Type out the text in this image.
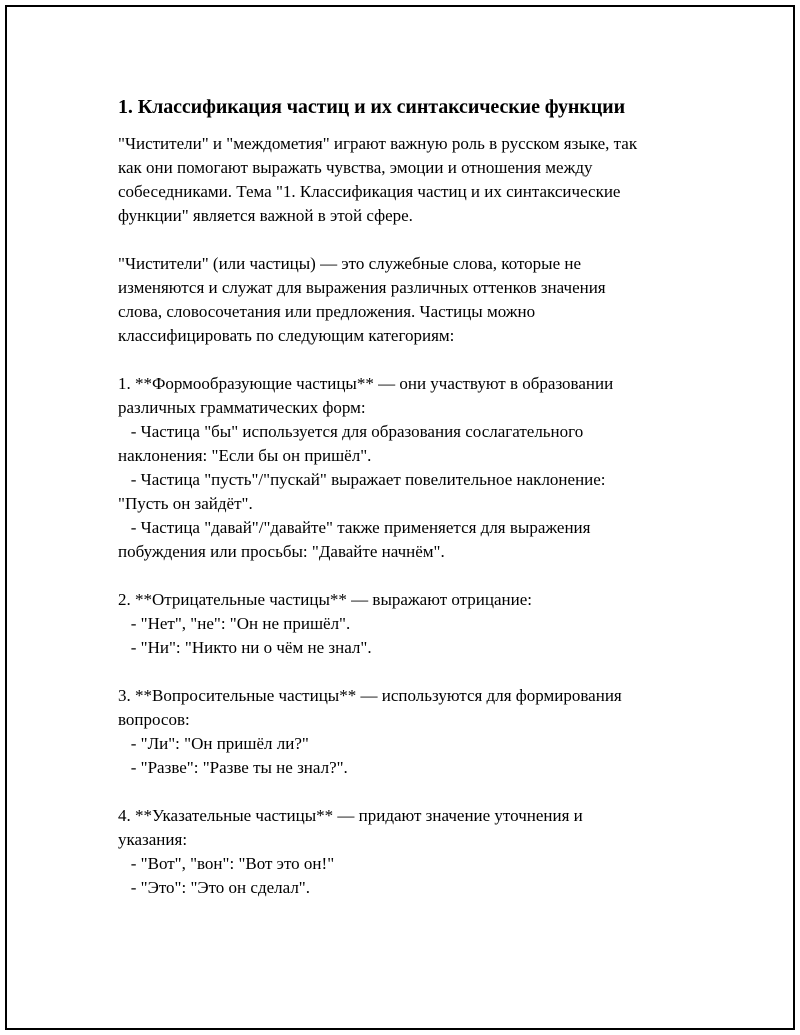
1. Классификация частиц и их синтаксические функции
"Чистители" и "междометия" играют важную роль в русском языке, так
как они помогают выражать чувства, эмоции и отношения между
собеседниками. Тема "1. Классификация частиц и их синтаксические
функции" является важной в этой сфере.
"Чистители" (или частицы) — это служебные слова, которые не
изменяются и служат для выражения различных оттенков значения
слова, словосочетания или предложения. Частицы можно
классифицировать по следующим категориям:
1. **Формообразующие частицы** — они участвуют в образовании
различных грамматических форм:
- Частица "бы" используется для образования сослагательного
наклонения: "Если бы он пришёл".
- Частица "пусть"/"пускай" выражает повелительное наклонение:
"Пусть он зайдёт".
- Частица "давай"/"давайте" также применяется для выражения
побуждения или просьбы: "Давайте начнём".
2. **Отрицательные частицы** — выражают отрицание:
- "Нет", "не": "Он не пришёл".
- "Ни": "Никто ни о чём не знал".
3. **Вопросительные частицы** — используются для формирования
вопросов:
- "Ли": "Он пришёл ли?"
- "Разве": "Разве ты не знал?".
4. **Указательные частицы** — придают значение уточнения и
указания:
- "Вот", "вон": "Вот это он!"
- "Это": "Это он сделал".
